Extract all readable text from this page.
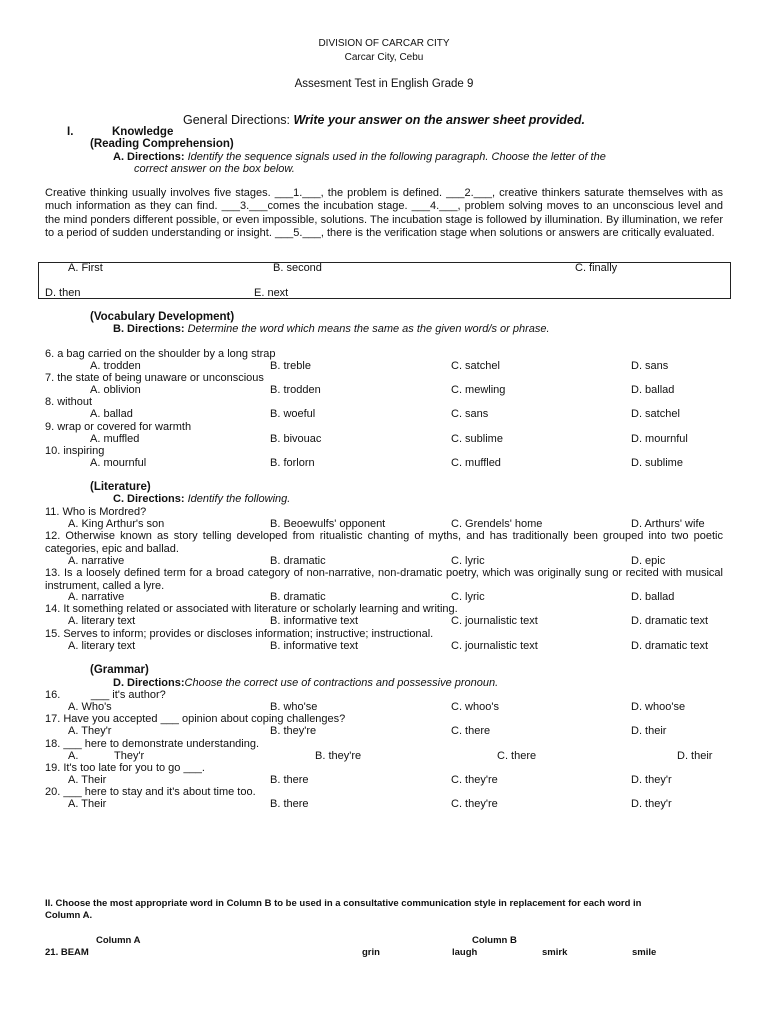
DIVISION OF CARCAR CITY
Carcar City, Cebu
Assesment Test in English Grade 9
General Directions: Write your answer on the answer sheet provided.
I.	Knowledge
(Reading Comprehension)
A. Directions: Identify the sequence signals used in the following paragraph. Choose the letter of the
correct answer on the box below.
Creative thinking usually involves five stages. ___1.___, the problem is defined. ___2.___, creative thinkers saturate themselves with as much information as they can find. ___3.___comes the incubation stage. ___4.___, problem solving moves to an unconscious level and the mind ponders different possible, or even impossible, solutions. The incubation stage is followed by illumination. By illumination, we refer to a period of sudden understanding or insight. ___5.___, there is the verification stage when solutions or answers are critically evaluated.
A. First	B. second	C. finally
D. then	E. next
(Vocabulary Development)
B. Directions: Determine the word which means the same as the given word/s or phrase.
6. a bag carried on the shoulder by a long strap
A. trodden	B. treble	C. satchel	D. sans
7. the state of being unaware or unconscious
A. oblivion	B. trodden	C. mewling	D. ballad
8. without
A. ballad	B. woeful	C. sans	D. satchel
9. wrap or covered for warmth
A. muffled	B. bivouac	C. sublime	D. mournful
10. inspiring
A. mournful	B. forlorn	C. muffled	D. sublime
(Literature)
C. Directions: Identify the following.
11. Who is Mordred?
A. King Arthur's son	B. Beoewulfs' opponent	C. Grendels' home	D. Arthurs' wife
12. Otherwise known as story telling developed from ritualistic chanting of myths, and has traditionally been grouped into two poetic categories, epic and ballad.
A. narrative	B. dramatic	C. lyric	D. epic
13. Is a loosely defined term for a broad category of non-narrative, non-dramatic poetry, which was originally sung or recited with musical instrument, called a lyre.
A. narrative	B. dramatic	C. lyric	D. ballad
14. It something related or associated with literature or scholarly learning and writing.
A. literary text	B. informative text	C. journalistic text	D. dramatic text
15. Serves to inform; provides or discloses information; instructive; instructional.
A. literary text	B. informative text	C. journalistic text	D. dramatic text
(Grammar)
D. Directions:Choose the correct use of contractions and possessive pronoun.
16.          ___ it's author?
A. Who's	B. who'se	C. whoo's	D. whoo'se
17. Have you accepted ___ opinion about coping challenges?
A. They'r	B. they're	C. there	D. their
18. ___ here to demonstrate understanding.
A.	They'r	B. they're	C. there	D. their
19. It's too late for you to go ___.
A. Their	B. there	C. they're	D. they'r
20. ___ here to stay and it's about time too.
A. Their	B. there	C. they're	D. they'r
II. Choose the most appropriate word in Column B to be used in a consultative communication style in replacement for each word in
Column A.
Column A	Column B
21. BEAM	grin	laugh	smirk	smile
